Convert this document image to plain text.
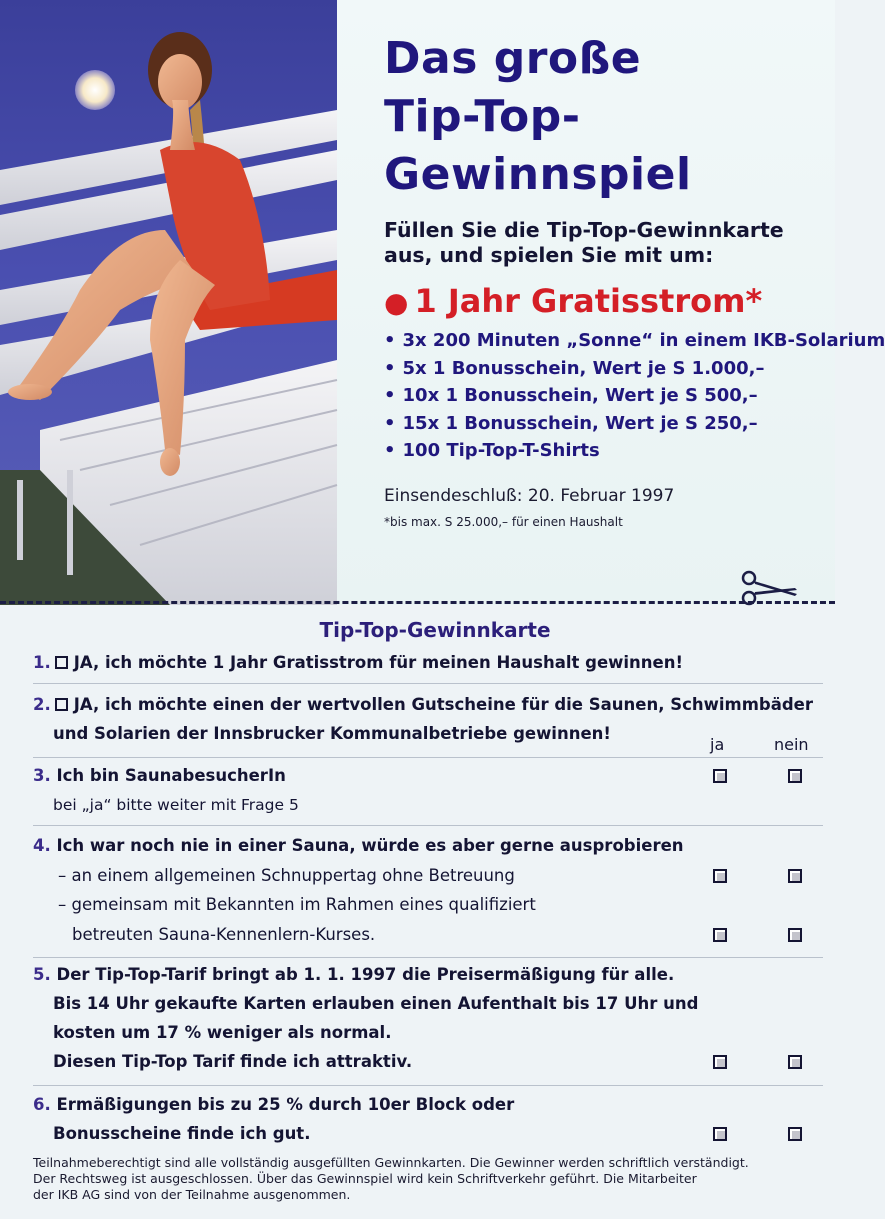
Das große
Tip-Top-
Gewinnspiel
Füllen Sie die Tip-Top-Gewinnkarte
aus, und spielen Sie mit um:
● 1 Jahr Gratisstrom*
• 3x 200 Minuten „Sonne“ in einem IKB-Solarium
• 5x 1 Bonusschein, Wert je S 1.000,–
• 10x 1 Bonusschein, Wert je S 500,–
• 15x 1 Bonusschein, Wert je S 250,–
• 100 Tip-Top-T-Shirts
Einsendeschluß: 20. Februar 1997
*bis max. S 25.000,– für einen Haushalt
Tip-Top-Gewinnkarte
1. JA, ich möchte 1 Jahr Gratisstrom für meinen Haushalt gewinnen!
2. JA, ich möchte einen der wertvollen Gutscheine für die Saunen, Schwimmbäder
und Solarien der Innsbrucker Kommunalbetriebe gewinnen!
ja	nein
3. Ich bin SaunabesucherIn
bei „ja“ bitte weiter mit Frage 5
4. Ich war noch nie in einer Sauna, würde es aber gerne ausprobieren
– an einem allgemeinen Schnuppertag ohne Betreuung
– gemeinsam mit Bekannten im Rahmen eines qualifiziert
betreuten Sauna-Kennenlern-Kurses.
5. Der Tip-Top-Tarif bringt ab 1. 1. 1997 die Preisermäßigung für alle.
Bis 14 Uhr gekaufte Karten erlauben einen Aufenthalt bis 17 Uhr und
kosten um 17 % weniger als normal.
Diesen Tip-Top Tarif finde ich attraktiv.
6. Ermäßigungen bis zu 25 % durch 10er Block oder
Bonusscheine finde ich gut.
Teilnahmeberechtigt sind alle vollständig ausgefüllten Gewinnkarten. Die Gewinner werden schriftlich verständigt.
Der Rechtsweg ist ausgeschlossen. Über das Gewinnspiel wird kein Schriftverkehr geführt. Die Mitarbeiter
der IKB AG sind von der Teilnahme ausgenommen.
